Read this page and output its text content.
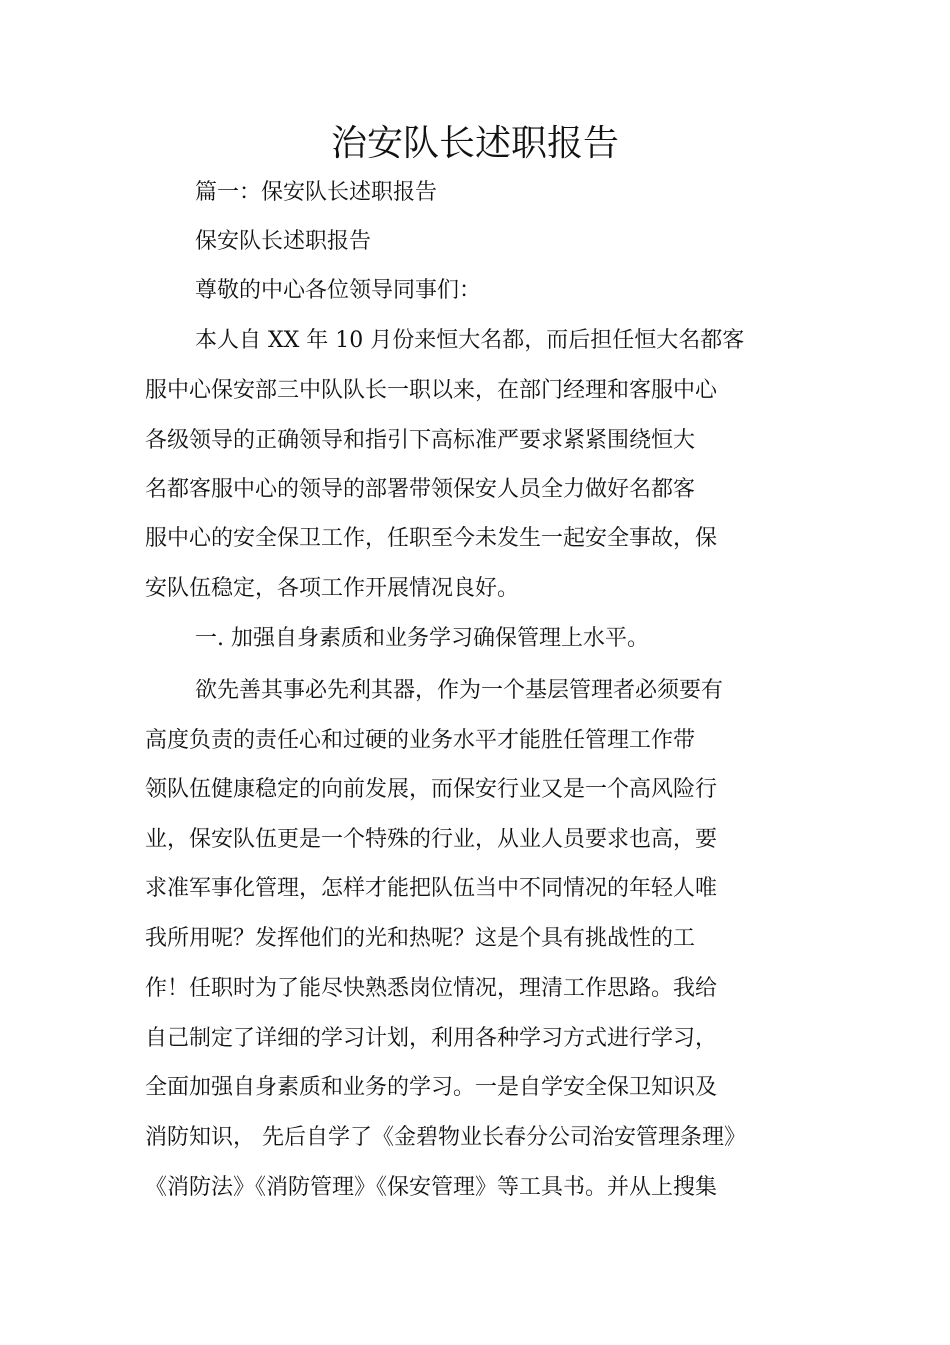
治安队长述职报告
篇一：保安队长述职报告
保安队长述职报告
尊敬的中心各位领导同事们：
本人自 XX 年 10 月份来恒大名都，而后担任恒大名都客
服中心保安部三中队队长一职以来，在部门经理和客服中心
各级领导的正确领导和指引下高标准严要求紧紧围绕恒大
名都客服中心的领导的部署带领保安人员全力做好名都客
服中心的安全保卫工作，任职至今未发生一起安全事故，保
安队伍稳定，各项工作开展情况良好。
一. 加强自身素质和业务学习确保管理上水平。
欲先善其事必先利其器，作为一个基层管理者必须要有
高度负责的责任心和过硬的业务水平才能胜任管理工作带
领队伍健康稳定的向前发展，而保安行业又是一个高风险行
业，保安队伍更是一个特殊的行业，从业人员要求也高，要
求准军事化管理，怎样才能把队伍当中不同情况的年轻人唯
我所用呢？发挥他们的光和热呢？这是个具有挑战性的工
作！任职时为了能尽快熟悉岗位情况，理清工作思路。我给
自己制定了详细的学习计划，利用各种学习方式进行学习，
全面加强自身素质和业务的学习。一是自学安全保卫知识及
消防知识， 先后自学了《金碧物业长春分公司治安管理条理》
《消防法》《消防管理》《保安管理》等工具书。并从上搜集
